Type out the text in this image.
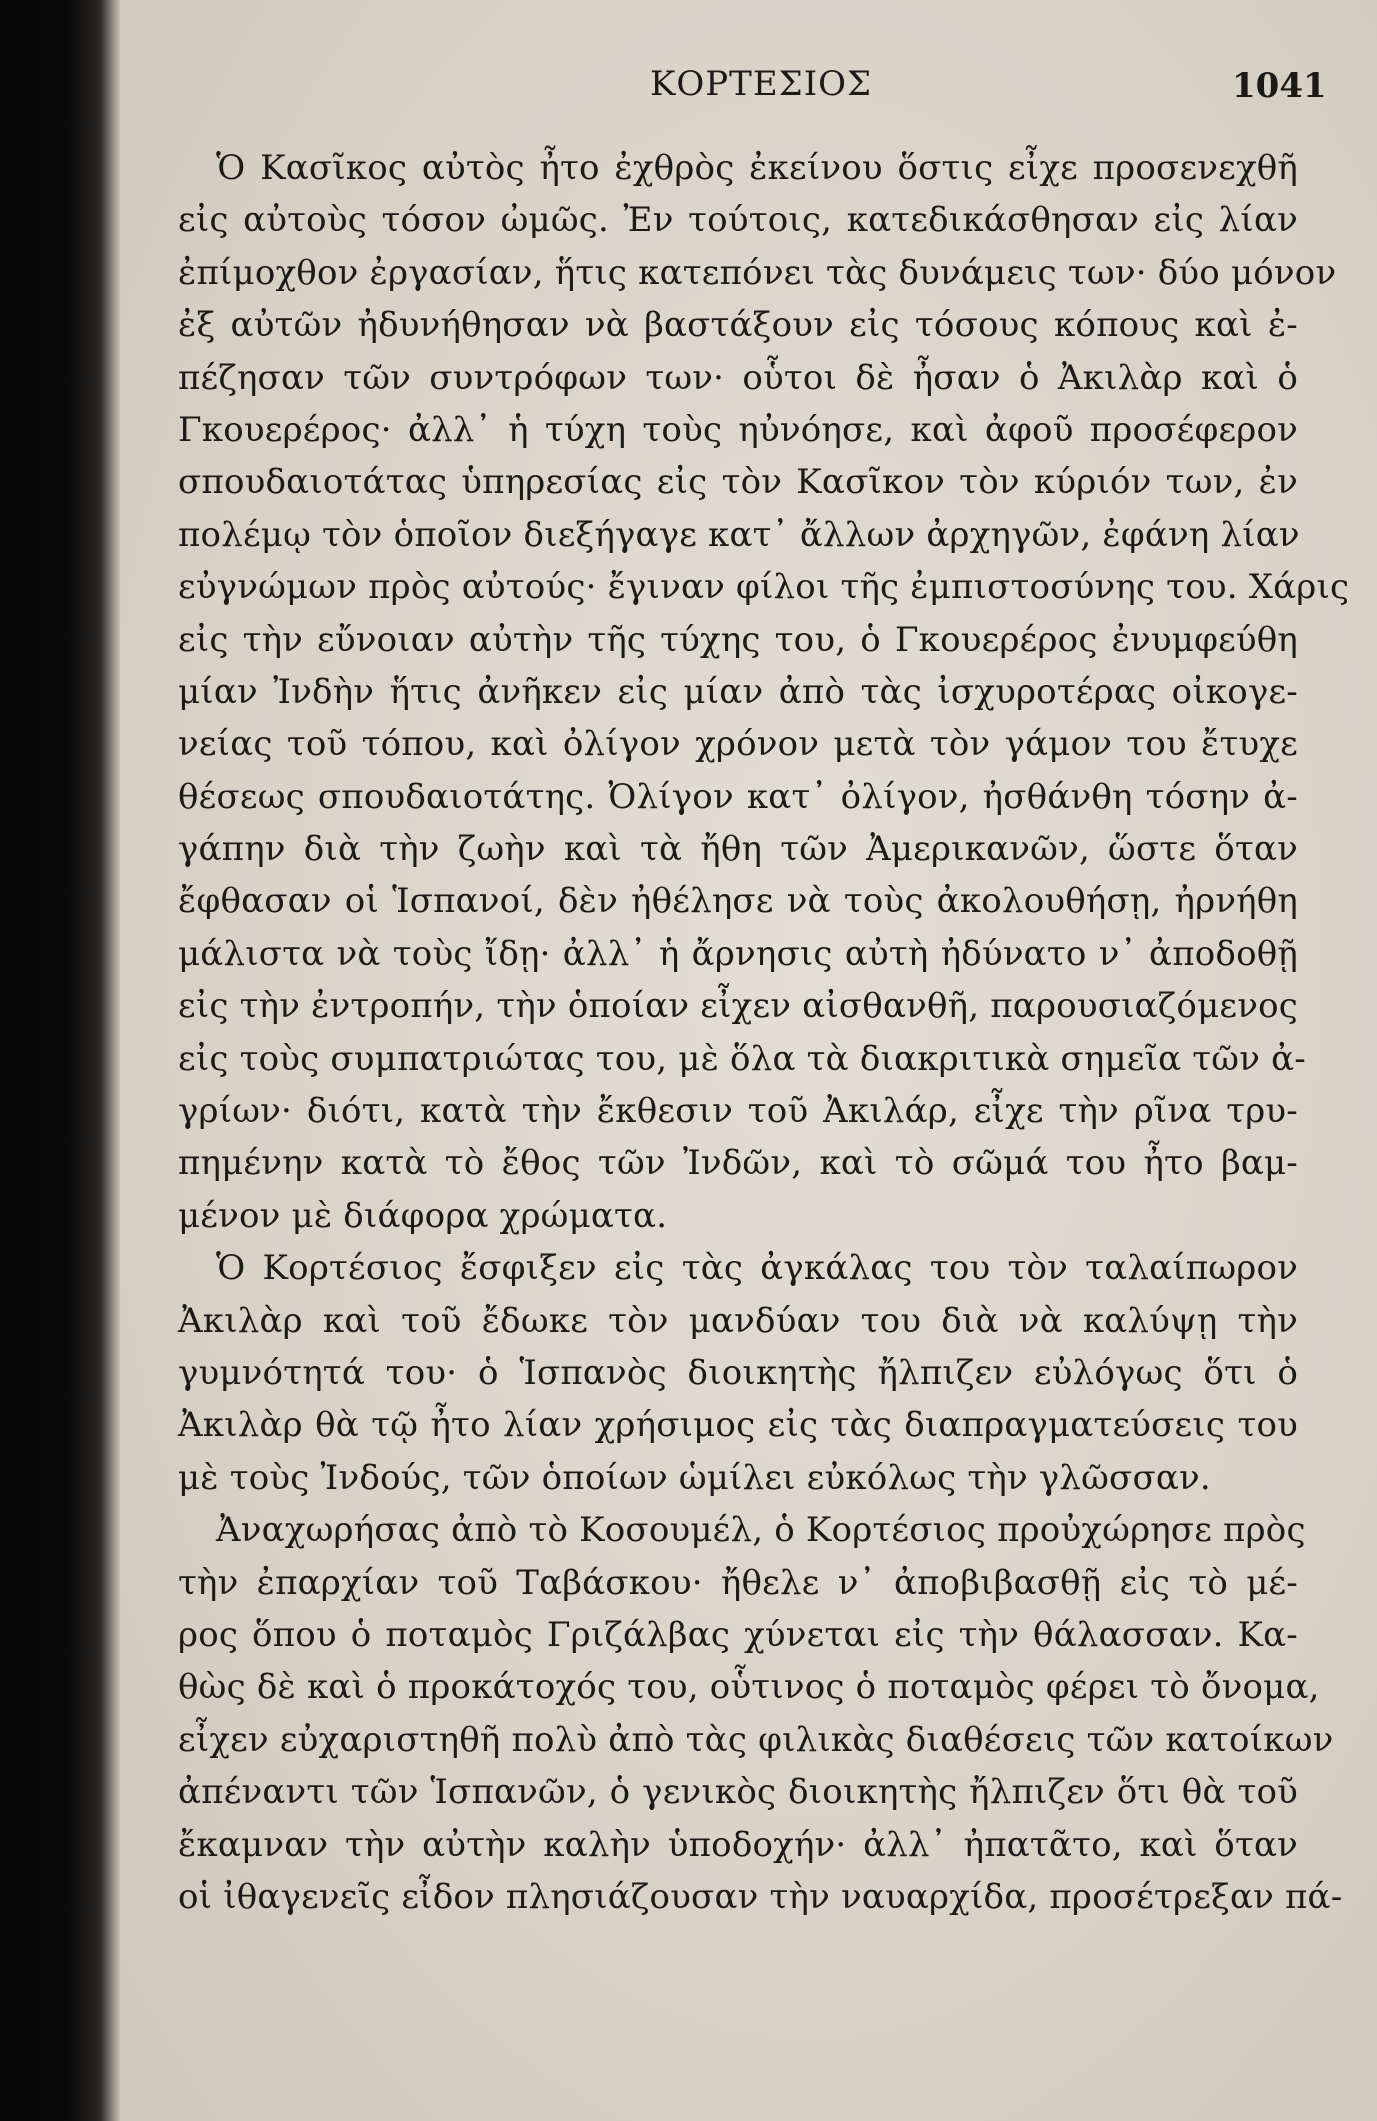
ΚΟΡΤΕΣΙΟΣ	1041
Ὁ Κασῖκος αὐτὸς ἦτο ἐχθρὸς ἐκείνου ὅστις εἶχε προσενεχθῆ
εἰς αὐτοὺς τόσον ὠμῶς. Ἐν τούτοις, κατεδικάσθησαν εἰς λίαν
ἐπίμοχθον ἐργασίαν, ἥτις κατεπόνει τὰς δυνάμεις των· δύο μόνον
ἐξ αὐτῶν ἠδυνήθησαν νὰ βαστάξουν εἰς τόσους κόπους καὶ ἐ-
πέζησαν τῶν συντρόφων των· οὗτοι δὲ ἦσαν ὁ Ἀκιλὰρ καὶ ὁ
Γκουερέρος· ἀλλ᾽ ἡ τύχη τοὺς ηὐνόησε, καὶ ἀφοῦ προσέφερον
σπουδαιοτάτας ὑπηρεσίας εἰς τὸν Κασῖκον τὸν κύριόν των, ἐν
πολέμῳ τὸν ὁποῖον διεξήγαγε κατ᾽ ἄλλων ἀρχηγῶν, ἐφάνη λίαν
εὐγνώμων πρὸς αὐτούς· ἔγιναν φίλοι τῆς ἐμπιστοσύνης του. Χάρις
εἰς τὴν εὔνοιαν αὐτὴν τῆς τύχης του, ὁ Γκουερέρος ἐνυμφεύθη
μίαν Ἰνδὴν ἥτις ἀνῆκεν εἰς μίαν ἀπὸ τὰς ἰσχυροτέρας οἰκογε-
νείας τοῦ τόπου, καὶ ὀλίγον χρόνον μετὰ τὸν γάμον του ἔτυχε
θέσεως σπουδαιοτάτης. Ὀλίγον κατ᾽ ὀλίγον, ἠσθάνθη τόσην ἀ-
γάπην διὰ τὴν ζωὴν καὶ τὰ ἤθη τῶν Ἀμερικανῶν, ὥστε ὅταν
ἔφθασαν οἱ Ἱσπανοί, δὲν ἠθέλησε νὰ τοὺς ἀκολουθήσῃ, ἠρνήθη
μάλιστα νὰ τοὺς ἴδῃ· ἀλλ᾽ ἡ ἄρνησις αὐτὴ ἠδύνατο ν᾽ ἀποδοθῇ
εἰς τὴν ἐντροπήν, τὴν ὁποίαν εἶχεν αἰσθανθῆ, παρουσιαζόμενος
εἰς τοὺς συμπατριώτας του, μὲ ὅλα τὰ διακριτικὰ σημεῖα τῶν ἀ-
γρίων· διότι, κατὰ τὴν ἔκθεσιν τοῦ Ἀκιλάρ, εἶχε τὴν ρῖνα τρυ-
πημένην κατὰ τὸ ἔθος τῶν Ἰνδῶν, καὶ τὸ σῶμά του ἦτο βαμ-
μένον μὲ διάφορα χρώματα.
Ὁ Κορτέσιος ἔσφιξεν εἰς τὰς ἀγκάλας του τὸν ταλαίπωρον
Ἀκιλὰρ καὶ τοῦ ἔδωκε τὸν μανδύαν του διὰ νὰ καλύψῃ τὴν
γυμνότητά του· ὁ Ἱσπανὸς διοικητὴς ἤλπιζεν εὐλόγως ὅτι ὁ
Ἀκιλὰρ θὰ τῷ ἦτο λίαν χρήσιμος εἰς τὰς διαπραγματεύσεις του
μὲ τοὺς Ἰνδούς, τῶν ὁποίων ὡμίλει εὐκόλως τὴν γλῶσσαν.
Ἀναχωρήσας ἀπὸ τὸ Κοσουμέλ, ὁ Κορτέσιος προὐχώρησε πρὸς
τὴν ἐπαρχίαν τοῦ Ταβάσκου· ἤθελε ν᾽ ἀποβιβασθῇ εἰς τὸ μέ-
ρος ὅπου ὁ ποταμὸς Γριζάλβας χύνεται εἰς τὴν θάλασσαν. Κα-
θὼς δὲ καὶ ὁ προκάτοχός του, οὗτινος ὁ ποταμὸς φέρει τὸ ὄνομα,
εἶχεν εὐχαριστηθῆ πολὺ ἀπὸ τὰς φιλικὰς διαθέσεις τῶν κατοίκων
ἀπέναντι τῶν Ἱσπανῶν, ὁ γενικὸς διοικητὴς ἤλπιζεν ὅτι θὰ τοῦ
ἔκαμναν τὴν αὐτὴν καλὴν ὑποδοχήν· ἀλλ᾽ ἠπατᾶτο, καὶ ὅταν
οἱ ἰθαγενεῖς εἶδον πλησιάζουσαν τὴν ναυαρχίδα, προσέτρεξαν πά-
